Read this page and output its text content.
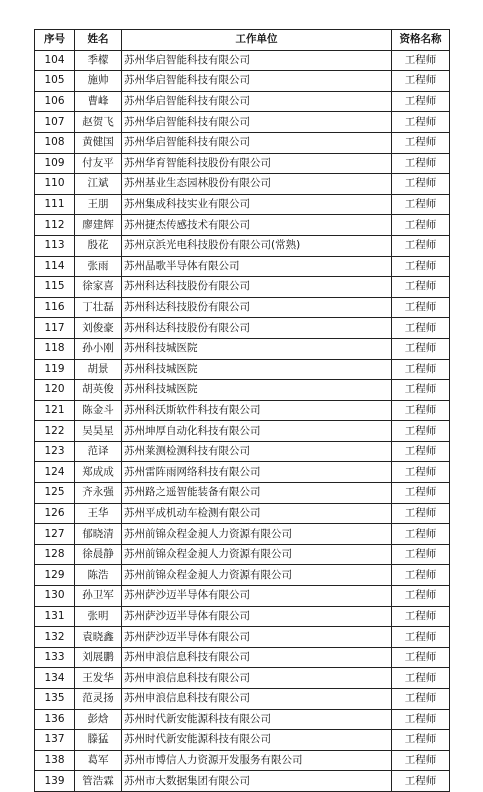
序号	姓名	工作单位	资格名称
104	季檬	苏州华启智能科技有限公司	工程师
105	施帅	苏州华启智能科技有限公司	工程师
106	曹峰	苏州华启智能科技有限公司	工程师
107	赵贺飞	苏州华启智能科技有限公司	工程师
108	黄健国	苏州华启智能科技有限公司	工程师
109	付友平	苏州华育智能科技股份有限公司	工程师
110	江斌	苏州基业生态园林股份有限公司	工程师
111	王朋	苏州集成科技实业有限公司	工程师
112	廖建辉	苏州捷杰传感技术有限公司	工程师
113	殷花	苏州京浜光电科技股份有限公司(常熟)	工程师
114	张雨	苏州晶歌半导体有限公司	工程师
115	徐家喜	苏州科达科技股份有限公司	工程师
116	丁壮磊	苏州科达科技股份有限公司	工程师
117	刘俊豪	苏州科达科技股份有限公司	工程师
118	孙小刚	苏州科技城医院	工程师
119	胡景	苏州科技城医院	工程师
120	胡英俊	苏州科技城医院	工程师
121	陈金斗	苏州科沃斯软件科技有限公司	工程师
122	吴昊星	苏州坤厚自动化科技有限公司	工程师
123	范译	苏州莱测检测科技有限公司	工程师
124	郑成成	苏州雷阵雨网络科技有限公司	工程师
125	齐永强	苏州路之遥智能装备有限公司	工程师
126	王华	苏州平成机动车检测有限公司	工程师
127	郁晓清	苏州前锦众程金昶人力资源有限公司	工程师
128	徐晨静	苏州前锦众程金昶人力资源有限公司	工程师
129	陈浩	苏州前锦众程金昶人力资源有限公司	工程师
130	孙卫军	苏州萨沙迈半导体有限公司	工程师
131	张明	苏州萨沙迈半导体有限公司	工程师
132	袁晓鑫	苏州萨沙迈半导体有限公司	工程师
133	刘展鹏	苏州申浪信息科技有限公司	工程师
134	王发华	苏州申浪信息科技有限公司	工程师
135	范灵扬	苏州申浪信息科技有限公司	工程师
136	彭焓	苏州时代新安能源科技有限公司	工程师
137	滕猛	苏州时代新安能源科技有限公司	工程师
138	葛军	苏州市博信人力资源开发服务有限公司	工程师
139	管浩霖	苏州市大数据集团有限公司	工程师
